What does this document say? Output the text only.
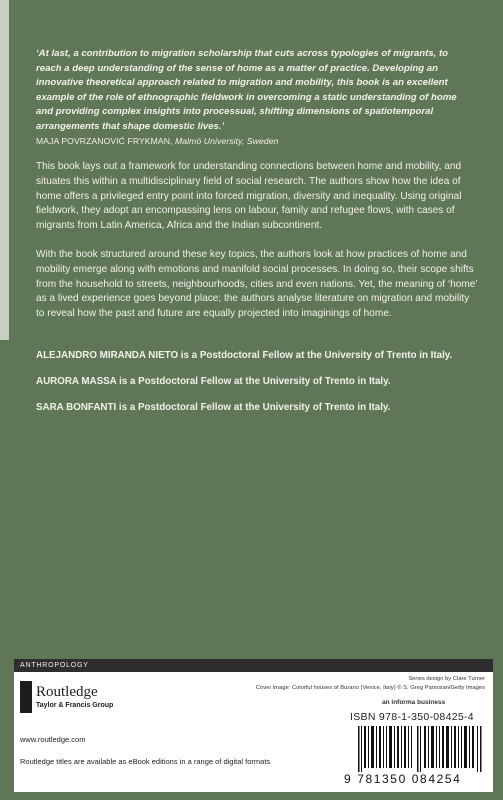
‘At last, a contribution to migration scholarship that cuts across typologies of migrants, to reach a deep understanding of the sense of home as a matter of practice. Developing an innovative theoretical approach related to migration and mobility, this book is an excellent example of the role of ethnographic fieldwork in overcoming a static understanding of home and providing complex insights into processual, shifting dimensions of spatiotemporal arrangements that shape domestic lives.’
MAJA POVRZANOVIĆ FRYKMAN, Malmö University, Sweden
This book lays out a framework for understanding connections between home and mobility, and situates this within a multidisciplinary field of social research. The authors show how the idea of home offers a privileged entry point into forced migration, diversity and inequality. Using original fieldwork, they adopt an encompassing lens on labour, family and refugee flows, with cases of migrants from Latin America, Africa and the Indian subcontinent.
With the book structured around these key topics, the authors look at how practices of home and mobility emerge along with emotions and manifold social processes. In doing so, their scope shifts from the household to streets, neighbourhoods, cities and even nations. Yet, the meaning of ‘home’ as a lived experience goes beyond place; the authors analyse literature on migration and mobility to reveal how the past and future are equally projected into imaginings of home.
ALEJANDRO MIRANDA NIETO is a Postdoctoral Fellow at the University of Trento in Italy.
AURORA MASSA is a Postdoctoral Fellow at the University of Trento in Italy.
SARA BONFANTI is a Postdoctoral Fellow at the University of Trento in Italy.
ANTHROPOLOGY
Series design by Clare Turner
Cover image: Colorful houses of Burano (Venice, Italy) © S. Greg Panosian/Getty Images
Routledge
Taylor & Francis Group
www.routledge.com
Routledge titles are available as eBook editions in a range of digital formats
an informa business
ISBN 978-1-350-08425-4
9 781350 084254
